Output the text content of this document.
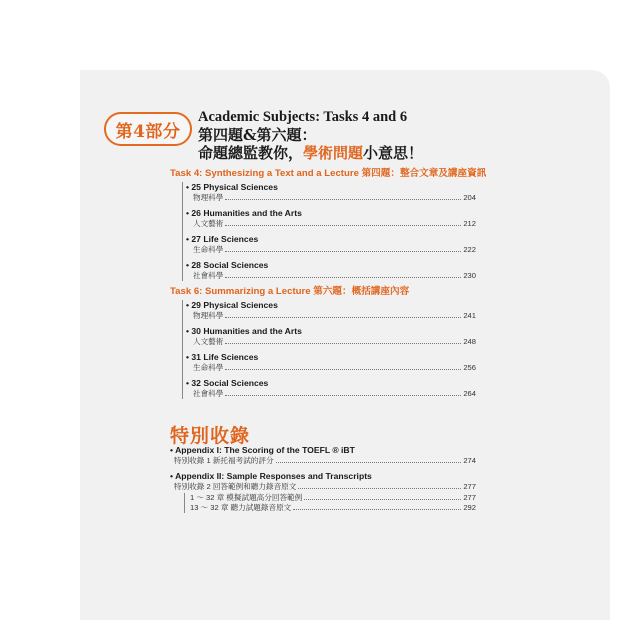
第4部分
Academic Subjects: Tasks 4 and 6
第四題&第六題：
命題總監教你，學術問題小意思！
Task 4: Synthesizing a Text and a Lecture 第四題：整合文章及講座資訊
• 25 Physical Sciences
物理科學	204
• 26 Humanities and the Arts
人文藝術	212
• 27 Life Sciences
生命科學	222
• 28 Social Sciences
社會科學	230
Task 6: Summarizing a Lecture 第六題：概括講座內容
• 29 Physical Sciences
物理科學	241
• 30 Humanities and the Arts
人文藝術	248
• 31 Life Sciences
生命科學	256
• 32 Social Sciences
社會科學	264
特別收錄
• Appendix I: The Scoring of the TOEFL ® iBT
特別收錄 1 新托福考試的評分	274
• Appendix II: Sample Responses and Transcripts
特別收錄 2 回答範例和聽力錄音原文	277
1 ～ 32 章 模擬試題高分回答範例	277
13 ～ 32 章 聽力試題錄音原文	292
